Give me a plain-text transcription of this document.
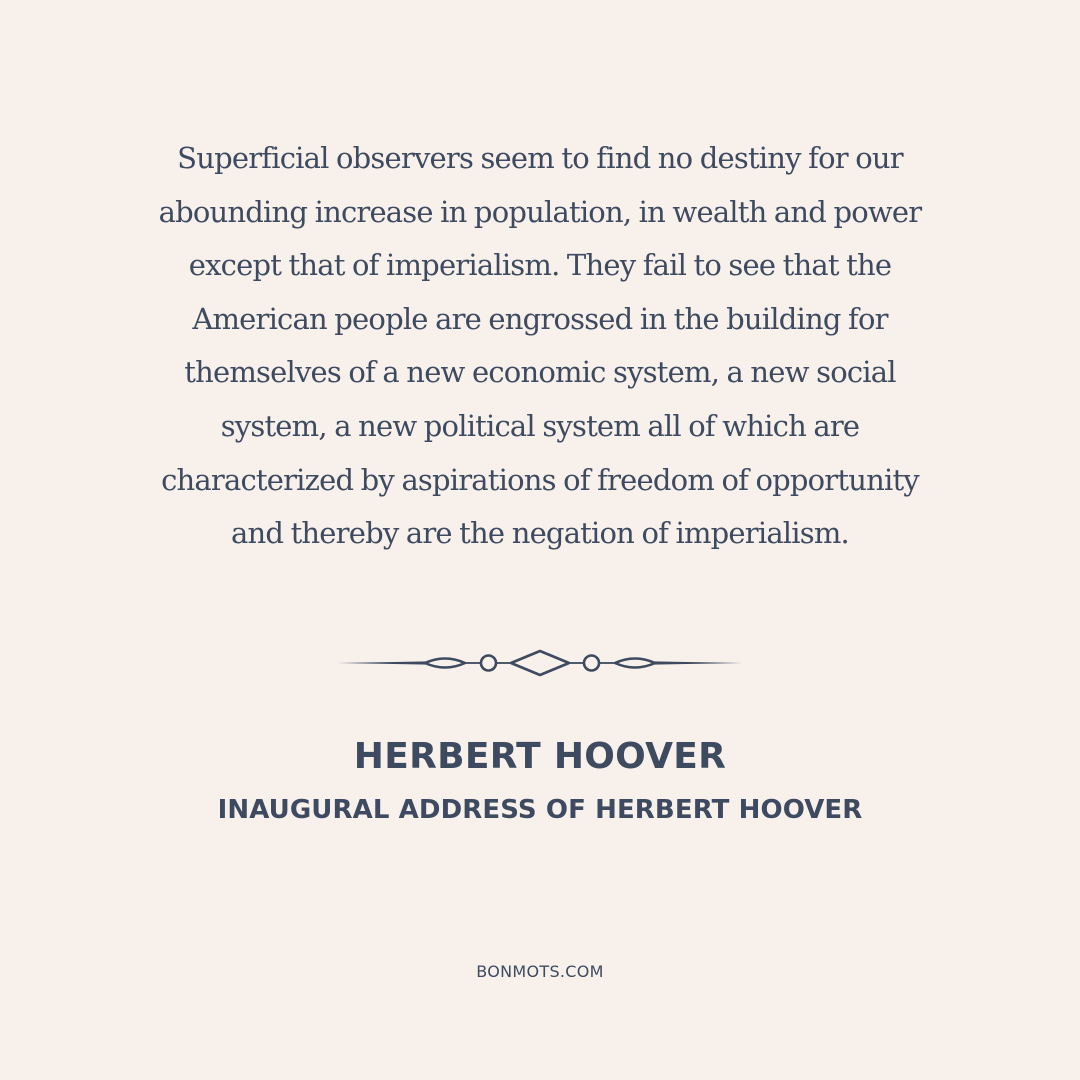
Superficial observers seem to find no destiny for our
abounding increase in population, in wealth and power
except that of imperialism. They fail to see that the
American people are engrossed in the building for
themselves of a new economic system, a new social
system, a new political system all of which are
characterized by aspirations of freedom of opportunity
and thereby are the negation of imperialism.

HERBERT HOOVER
INAUGURAL ADDRESS OF HERBERT HOOVER
BONMOTS.COM
